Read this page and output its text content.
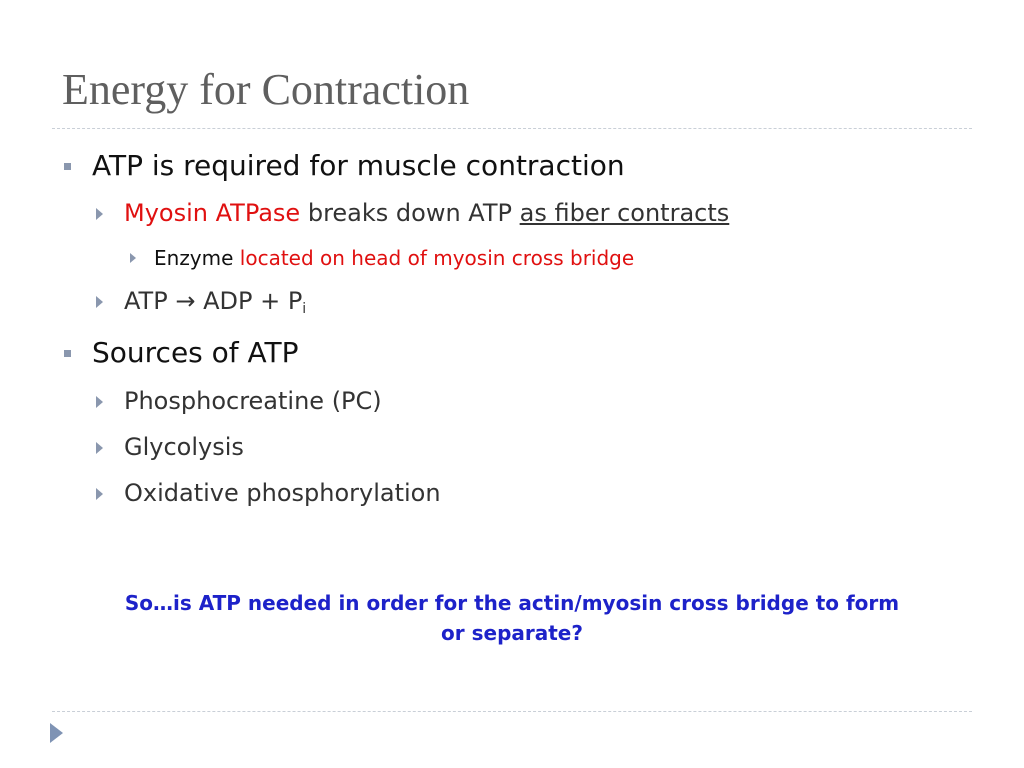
Energy for Contraction
ATP is required for muscle contraction
Myosin ATPase breaks down ATP as fiber contracts
Enzyme located on head of myosin cross bridge
ATP → ADP + $P_i$
Sources of ATP
Phosphocreatine (PC)
Glycolysis
Oxidative phosphorylation
So…is ATP needed in order for the actin/myosin cross bridge to form
or separate?
